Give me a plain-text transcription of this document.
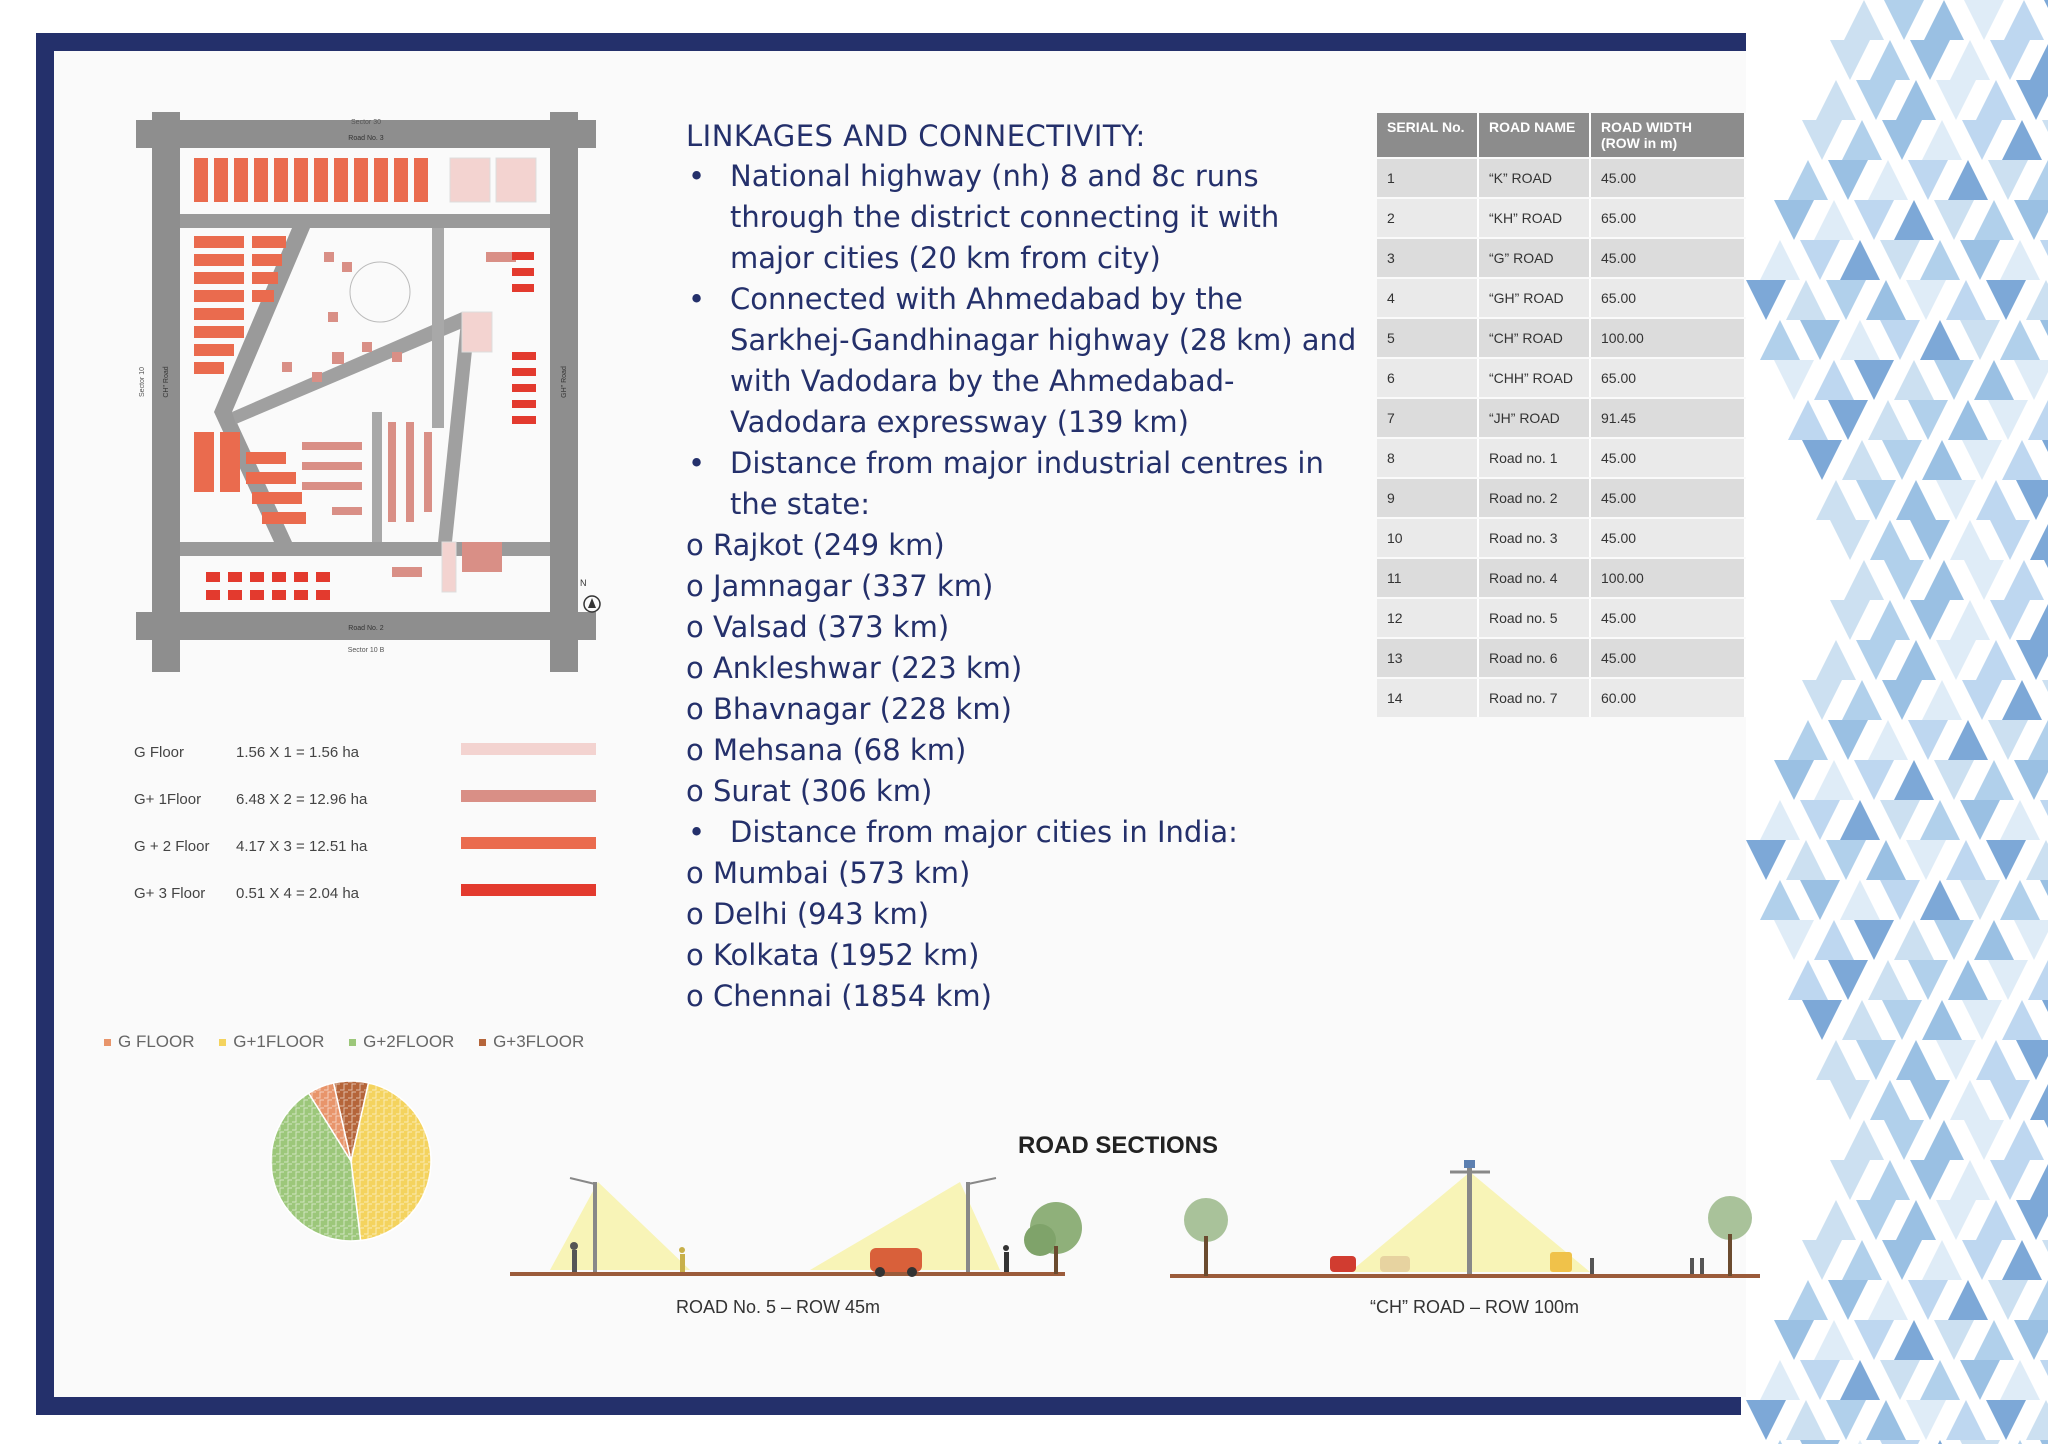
Road No. 3
Sector 30
Road No. 2
Sector 10 B
CH" Road
Sector 10	GH" Road
N
G Floor	1.56 X 1 = 1.56 ha
G+ 1Floor 6.48 X 2 = 12.96 ha
G + 2 Floor 4.17 X 3 = 12.51 ha
G+ 3 Floor 0.51 X 4 = 2.04 ha
G FLOOR G+1FLOOR G+2FLOOR G+3FLOOR
LINKAGES AND CONNECTIVITY:
• National highway (nh) 8 and 8c runs
through the district connecting it with
major cities (20 km from city)
• Connected with Ahmedabad by the
Sarkhej-Gandhinagar highway (28 km) and
with Vadodara by the Ahmedabad-
Vadodara expressway (139 km)
• Distance from major industrial centres in
the state:
o Rajkot (249 km)
o Jamnagar (337 km)
o Valsad (373 km)
o Ankleshwar (223 km)
o Bhavnagar (228 km)
o Mehsana (68 km)
o Surat (306 km)
• Distance from major cities in India:
o Mumbai (573 km)
o Delhi (943 km)
o Kolkata (1952 km)
o Chennai (1854 km)
SERIAL No.	ROAD NAME	ROAD WIDTH (ROW in m)
1	“K” ROAD	45.00
2	“KH” ROAD	65.00
3	“G” ROAD	45.00
4	“GH” ROAD	65.00
5	“CH” ROAD	100.00
6	“CHH” ROAD	65.00
7	“JH” ROAD	91.45
8	Road no. 1	45.00
9	Road no. 2	45.00
10	Road no. 3	45.00
11	Road no. 4	100.00
12	Road no. 5	45.00
13	Road no. 6	45.00
14	Road no. 7	60.00
ROAD SECTIONS
ROAD No. 5 – ROW 45m	“CH” ROAD – ROW 100m
